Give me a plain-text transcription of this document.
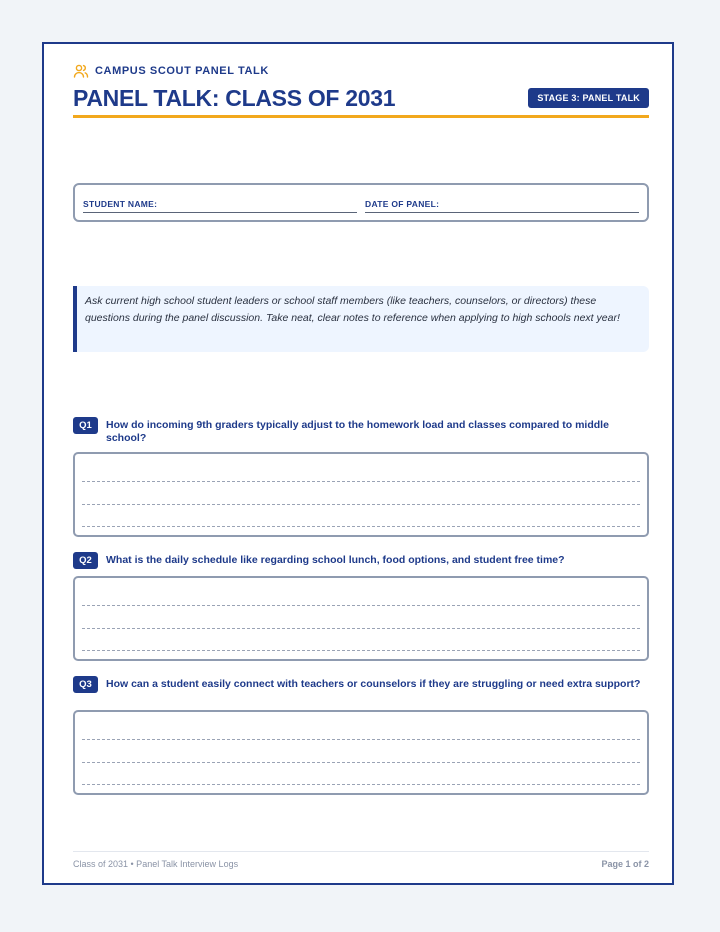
CAMPUS SCOUT PANEL TALK
PANEL TALK: CLASS OF 2031	STAGE 3: PANEL TALK
STUDENT NAME:	DATE OF PANEL:
Ask current high school student leaders or school staff members (like teachers, counselors, or directors) these questions during the panel discussion. Take neat, clear notes to reference when applying to high schools next year!
Q1	How do incoming 9th graders typically adjust to the homework load and classes compared to middle school?
Q2	What is the daily schedule like regarding school lunch, food options, and student free time?
Q3	How can a student easily connect with teachers or counselors if they are struggling or need extra support?
Class of 2031 • Panel Talk Interview Logs	Page 1 of 2
